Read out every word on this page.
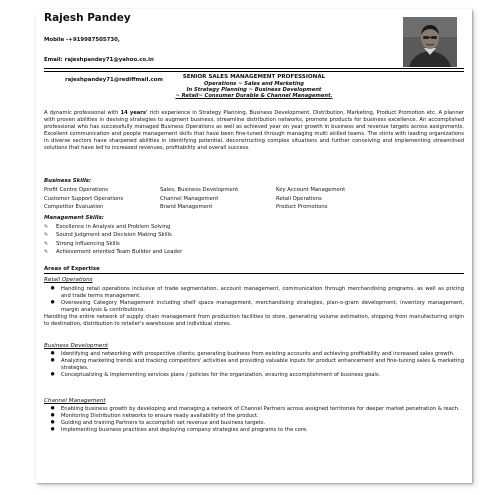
Rajesh Pandey

Mobile -+919987505730,

Email: rajeshpandey71@yahoo.co.in

rajeshpandey71@rediffmail.com

	SENIOR SALES MANAGEMENT PROFESSIONAL
Operations ~ Sales and Marketing
In Strategy Planning ~ Business Development
~ Retail~ Consumer Durable & Channel Management.
A dynamic professional with 14 years' rich experience in Strategy Planning, Business Development, Distribution, Marketing, Product Promotion etc. A planner with proven abilities in devising strategies to augment business, streamline distribution networks, promote products for business excellence. An accomplished professional who has successfully managed Business Operations as well as achieved year on year growth in business and revenue targets across assignments. Excellent communication and people management skills that have been fine-tuned through managing multi skilled teams. The stints with leading organizations in diverse sectors have sharpened abilities in identifying potential, deconstructing complex situations and further conceiving and implementing streamlined solutions that have led to increased revenues, profitability and overall success.
Business Skills:
Profit Centre Operations	Sales, Business Development	Key Account Management
Customer Support Operations	Channel Management	Retail Operations
Competitor Evaluation	Brand Management	Product Promotions
Management Skills:
✎	Excellence in Analysis and Problem Solving
✎	Sound Judgment and Decision Making Skills
✎	Strong Influencing Skills
✎	Achievement oriented Team Builder and Leader
Areas of Expertise
Retail Operations
●	Handling retail operations inclusive of trade segmentation, account management, communication through merchandising programs, as well as pricing and trade terms management.
●	Overseeing Category Management including shelf space management, merchandising strategies, plan-o-gram development, inventory management, margin analysis & contributions.

Handling the entire network of supply chain management from production facilities to store, generating volume estimation, shipping from manufacturing origin to destination, distribution to retailer's warehouse and individual stores.

Business Development
●	Identifying and networking with prospective clients; generating business from existing accounts and achieving profitability and increased sales growth.
●	Analyzing marketing trends and tracking competitors' activities and providing valuable inputs for product enhancement and fine-tuning sales & marketing strategies.
●	Conceptualizing & implementing services plans / policies for the organization, ensuring accomplishment of business goals.
Channel Management
●	Enabling business growth by developing and managing a network of Channel Partners across assigned territories for deeper market penetration & reach.
●	Monitoring Distribution networks to ensure ready availability of the product.
●	Guiding and training Partners to accomplish set revenue and business targets.
●	Implementing business practices and deploying company strategies and programs to the core.
